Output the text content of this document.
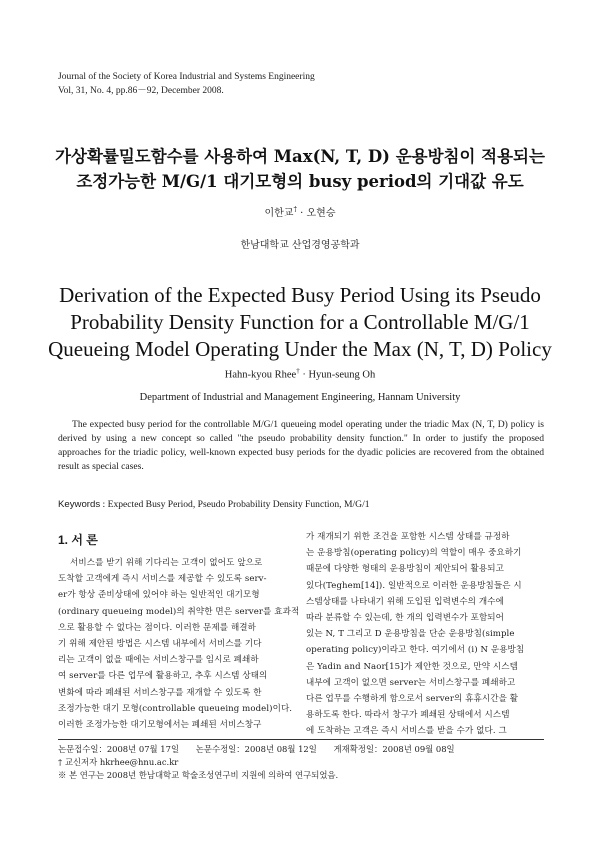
Journal of the Society of Korea Industrial and Systems Engineering
Vol, 31, No. 4, pp.86－92, December 2008.
가상확률밀도함수를 사용하여 Max(N, T, D) 운용방침이 적용되는
조정가능한 M/G/1 대기모형의 busy period의 기대값 유도
이한교† · 오현승
한남대학교 산업경영공학과
Derivation of the Expected Busy Period Using its Pseudo
Probability Density Function for a Controllable M/G/1
Queueing Model Operating Under the Max (N, T, D) Policy
Hahn-kyou Rhee† · Hyun-seung Oh
Department of Industrial and Management Engineering, Hannam University
The expected busy period for the controllable M/G/1 queueing model operating under the triadic Max (N, T, D) policy is derived by using a new concept so called "the pseudo probability density function." In order to justify the proposed approaches for the triadic policy, well-known expected busy periods for the dyadic policies are recovered from the obtained result as special cases.
Keywords : Expected Busy Period, Pseudo Probability Density Function, M/G/1
1. 서 론

서비스를 받기 위해 기다리는 고객이 없어도 앞으로

도착할 고객에게 즉시 서비스를 제공할 수 있도록 serv-

er가 항상 준비상태에 있어야 하는 일반적인 대기모형

(ordinary queueing model)의 취약한 면은 server를 효과적

으로 활용할 수 없다는 점이다. 이러한 문제를 해결하

기 위해 제안된 방법은 시스템 내부에서 서비스를 기다

리는 고객이 없을 때에는 서비스창구를 임시로 폐쇄하

여 server를 다른 업무에 활용하고, 추후 시스템 상태의

변화에 따라 폐쇄된 서비스창구를 재개할 수 있도록 한

조정가능한 대기 모형(controllable queueing model)이다.

이러한 조정가능한 대기모형에서는 폐쇄된 서비스창구

가 재개되기 위한 조건을 포함한 시스템 상태를 규정하

는 운용방침(operating policy)의 역할이 매우 중요하기

때문에 다양한 형태의 운용방침이 제안되어 활용되고

있다(Teghem[14]). 일반적으로 이러한 운용방침들은 시

스템상태를 나타내기 위해 도입된 입력변수의 개수에

따라 분류할 수 있는데, 한 개의 입력변수가 포함되어

있는 N, T 그리고 D 운용방침을 단순 운용방침(simple

operating policy)이라고 한다. 여기에서 (i) N 운용방침

은 Yadin and Naor[15]가 제안한 것으로, 만약 시스템

내부에 고객이 없으면 server는 서비스창구를 폐쇄하고

다른 업무를 수행하게 함으로서 server의 휴휴시간을 활

용하도록 한다. 따라서 창구가 폐쇄된 상태에서 시스템

에 도착하는 고객은 즉시 서비스를 받을 수가 없다. 그

논문접수일：2008년 07월 17일　　논문수정일：2008년 08월 12일　　게재확정일：2008년 09월 08일

† 교신저자 hkrhee@hnu.ac.kr

※ 본 연구는 2008년 한남대학교 학술조성연구비 지원에 의하여 연구되었음.
